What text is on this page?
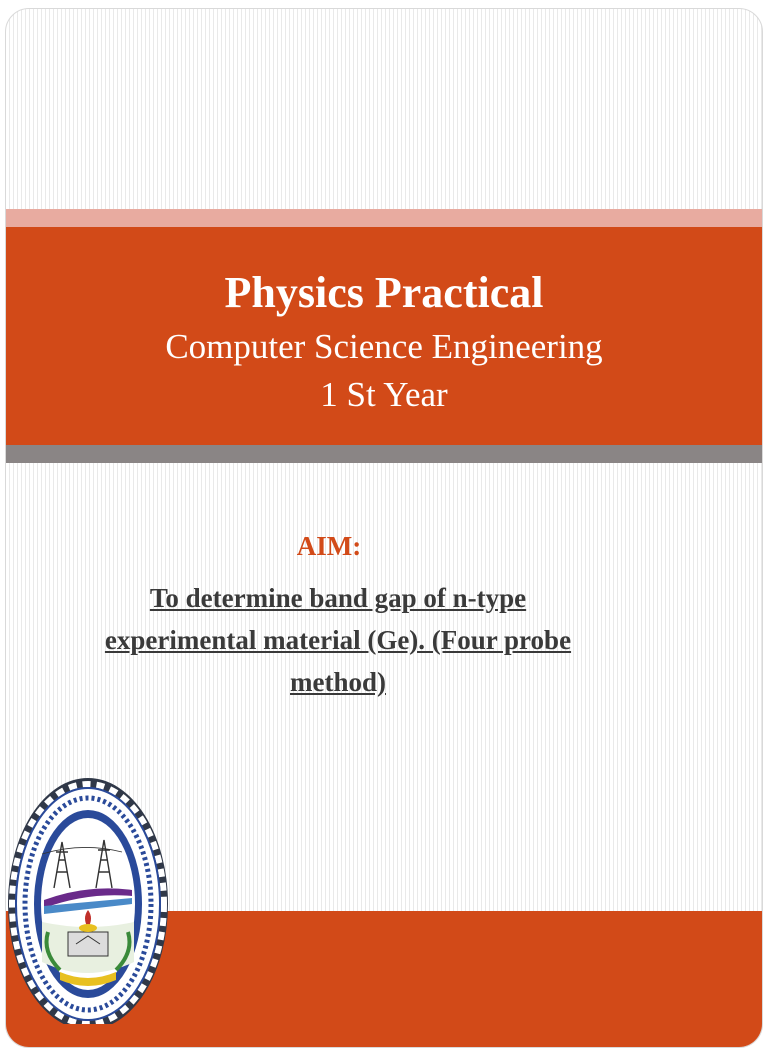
Physics Practical
Computer Science Engineering
1 St Year
AIM:
To determine band gap of n-type experimental material (Ge). (Four probe method)
